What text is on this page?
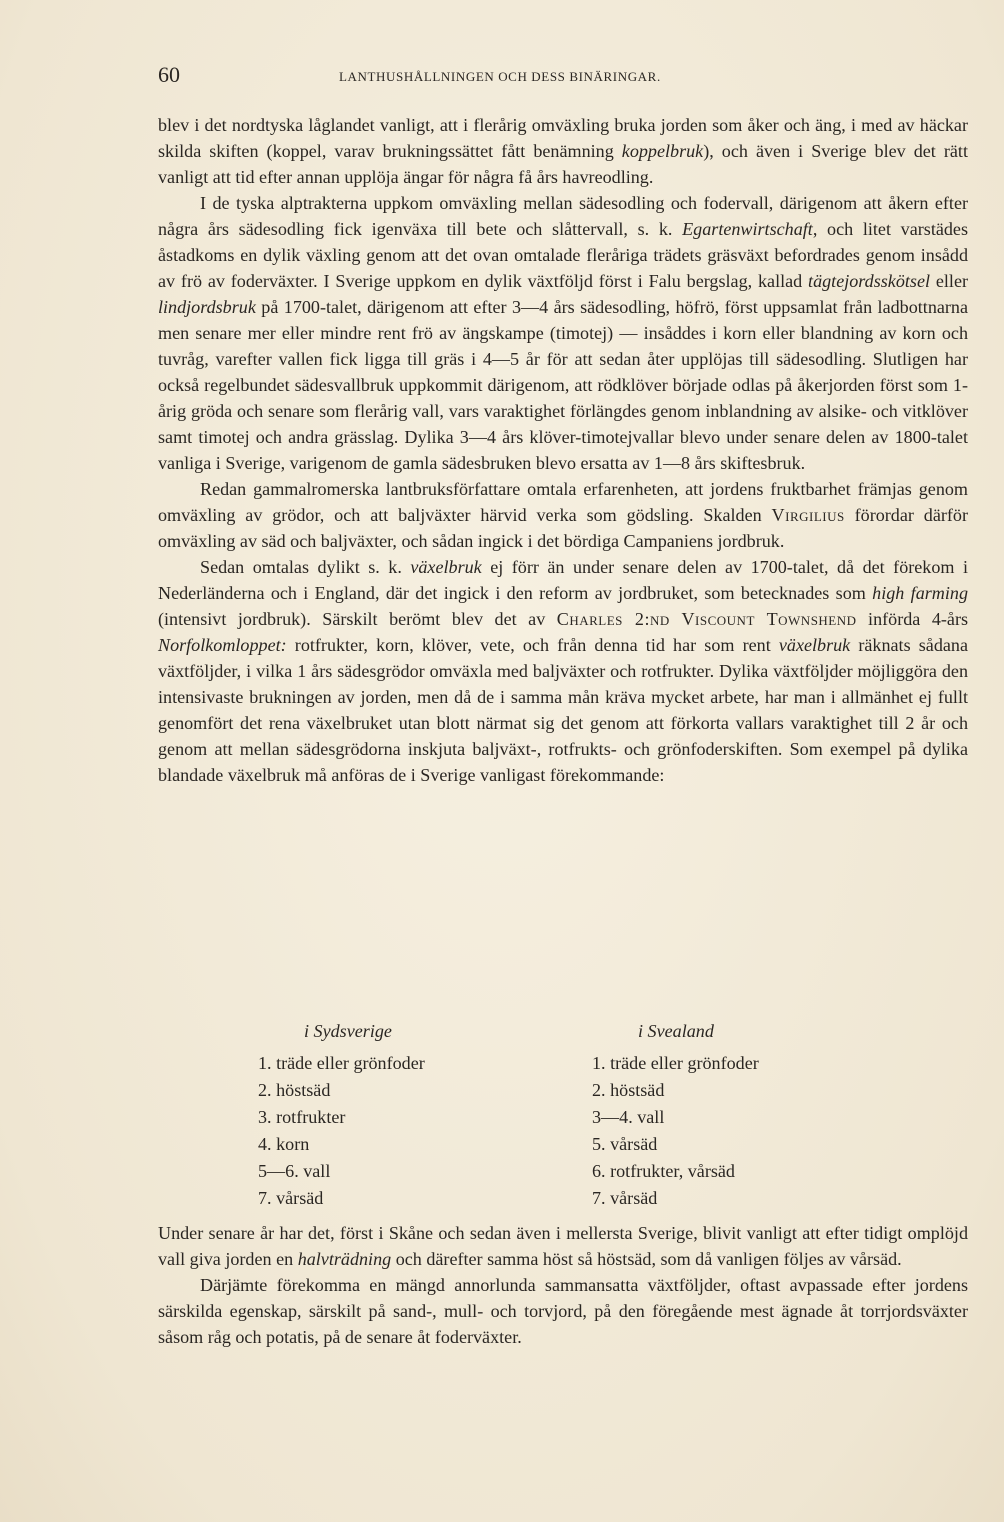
60	LANTHUSHÅLLNINGEN OCH DESS BINÄRINGAR.

blev i det nordtyska låglandet vanligt, att i flerårig omväxling bruka jorden som åker och äng, i med av häckar skilda skiften (koppel, varav brukningssättet fått benämning koppelbruk), och även i Sverige blev det rätt vanligt att tid efter annan upplöja ängar för några få års havreodling.

I de tyska alptrakterna uppkom omväxling mellan sädesodling och fodervall, därigenom att åkern efter några års sädesodling fick igenväxa till bete och slåttervall, s. k. Egartenwirtschaft, och litet varstädes åstadkoms en dylik växling genom att det ovan omtalade fleråriga trädets gräsväxt befordrades genom insådd av frö av foderväxter. I Sverige uppkom en dylik växtföljd först i Falu bergslag, kallad tägtejordsskötsel eller lindjordsbruk på 1700-talet, därigenom att efter 3—4 års sädesodling, höfrö, först uppsamlat från ladbottnarna men senare mer eller mindre rent frö av ängskampe (timotej) — insåddes i korn eller blandning av korn och tuvråg, varefter vallen fick ligga till gräs i 4—5 år för att sedan åter upplöjas till sädesodling. Slutligen har också regelbundet sädesvallbruk uppkommit därigenom, att rödklöver började odlas på åkerjorden först som 1-årig gröda och senare som flerårig vall, vars varaktighet förlängdes genom inblandning av alsike- och vitklöver samt timotej och andra grässlag. Dylika 3—4 års klöver-timotejvallar blevo under senare delen av 1800-talet vanliga i Sverige, varigenom de gamla sädesbruken blevo ersatta av 1—8 års skiftesbruk.

Redan gammalromerska lantbruksförfattare omtala erfarenheten, att jordens fruktbarhet främjas genom omväxling av grödor, och att baljväxter härvid verka som gödsling. Skalden Virgilius förordar därför omväxling av säd och baljväxter, och sådan ingick i det bördiga Campaniens jordbruk.

Sedan omtalas dylikt s. k. växelbruk ej förr än under senare delen av 1700-talet, då det förekom i Nederländerna och i England, där det ingick i den reform av jordbruket, som betecknades som high farming (intensivt jordbruk). Särskilt berömt blev det av Charles 2:nd Viscount Townshend införda 4-års Norfolkomloppet: rotfrukter, korn, klöver, vete, och från denna tid har som rent växelbruk räknats sådana växtföljder, i vilka 1 års sädesgrödor omväxla med baljväxter och rotfrukter. Dylika växtföljder möjliggöra den intensivaste brukningen av jorden, men då de i samma mån kräva mycket arbete, har man i allmänhet ej fullt genomfört det rena växelbruket utan blott närmat sig det genom att förkorta vallars varaktighet till 2 år och genom att mellan sädesgrödorna inskjuta baljväxt-, rotfrukts- och grönfoderskiften. Som exempel på dylika blandade växelbruk må anföras de i Sverige vanligast förekommande:

i Sydsverige
1. träde eller grönfoder
2. höstsäd
3. rotfrukter
4. korn
5—6. vall
7. vårsäd
i Svealand
1. träde eller grönfoder
2. höstsäd
3—4. vall
5. vårsäd
6. rotfrukter, vårsäd
7. vårsäd

Under senare år har det, först i Skåne och sedan även i mellersta Sverige, blivit vanligt att efter tidigt omplöjd vall giva jorden en halvträdning och därefter samma höst så höstsäd, som då vanligen följes av vårsäd.

Därjämte förekomma en mängd annorlunda sammansatta växtföljder, oftast avpassade efter jordens särskilda egenskap, särskilt på sand-, mull- och torvjord, på den föregående mest ägnade åt torrjordsväxter såsom råg och potatis, på de senare åt foderväxter.
